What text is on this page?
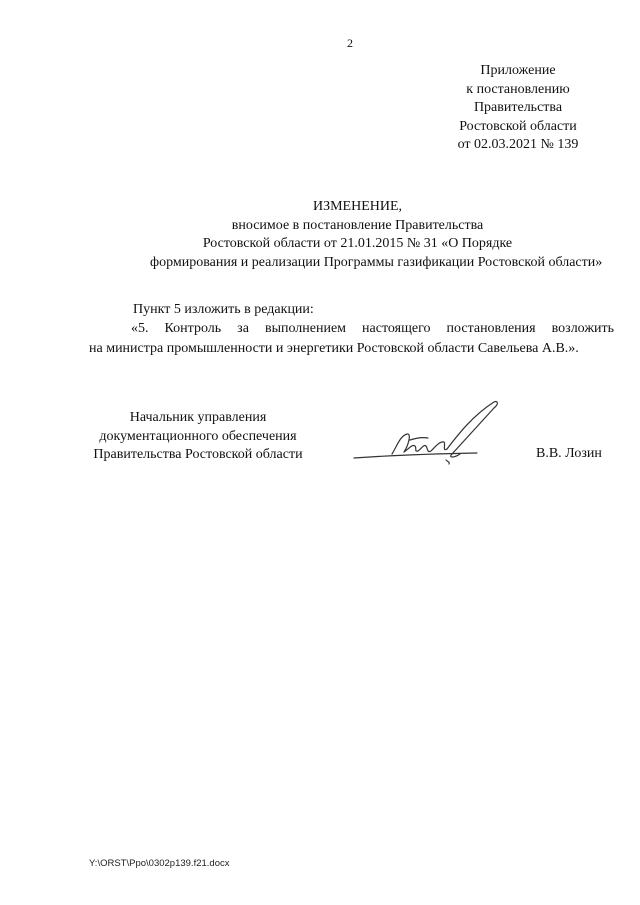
2
Приложение
к постановлению
Правительства
Ростовской области
от 02.03.2021 № 139
ИЗМЕНЕНИЕ,
вносимое в постановление Правительства
Ростовской области от 21.01.2015 № 31 «О Порядке
формирования и реализации Программы газификации Ростовской области»
Пункт 5 изложить в редакции:
«5. Контроль за выполнением настоящего постановления возложить
на министра промышленности и энергетики Ростовской области Савельева А.В.».
Начальник управления
документационного обеспечения
Правительства Ростовской области	В.В. Лозин
Y:\ORST\Ppo\0302p139.f21.docx
